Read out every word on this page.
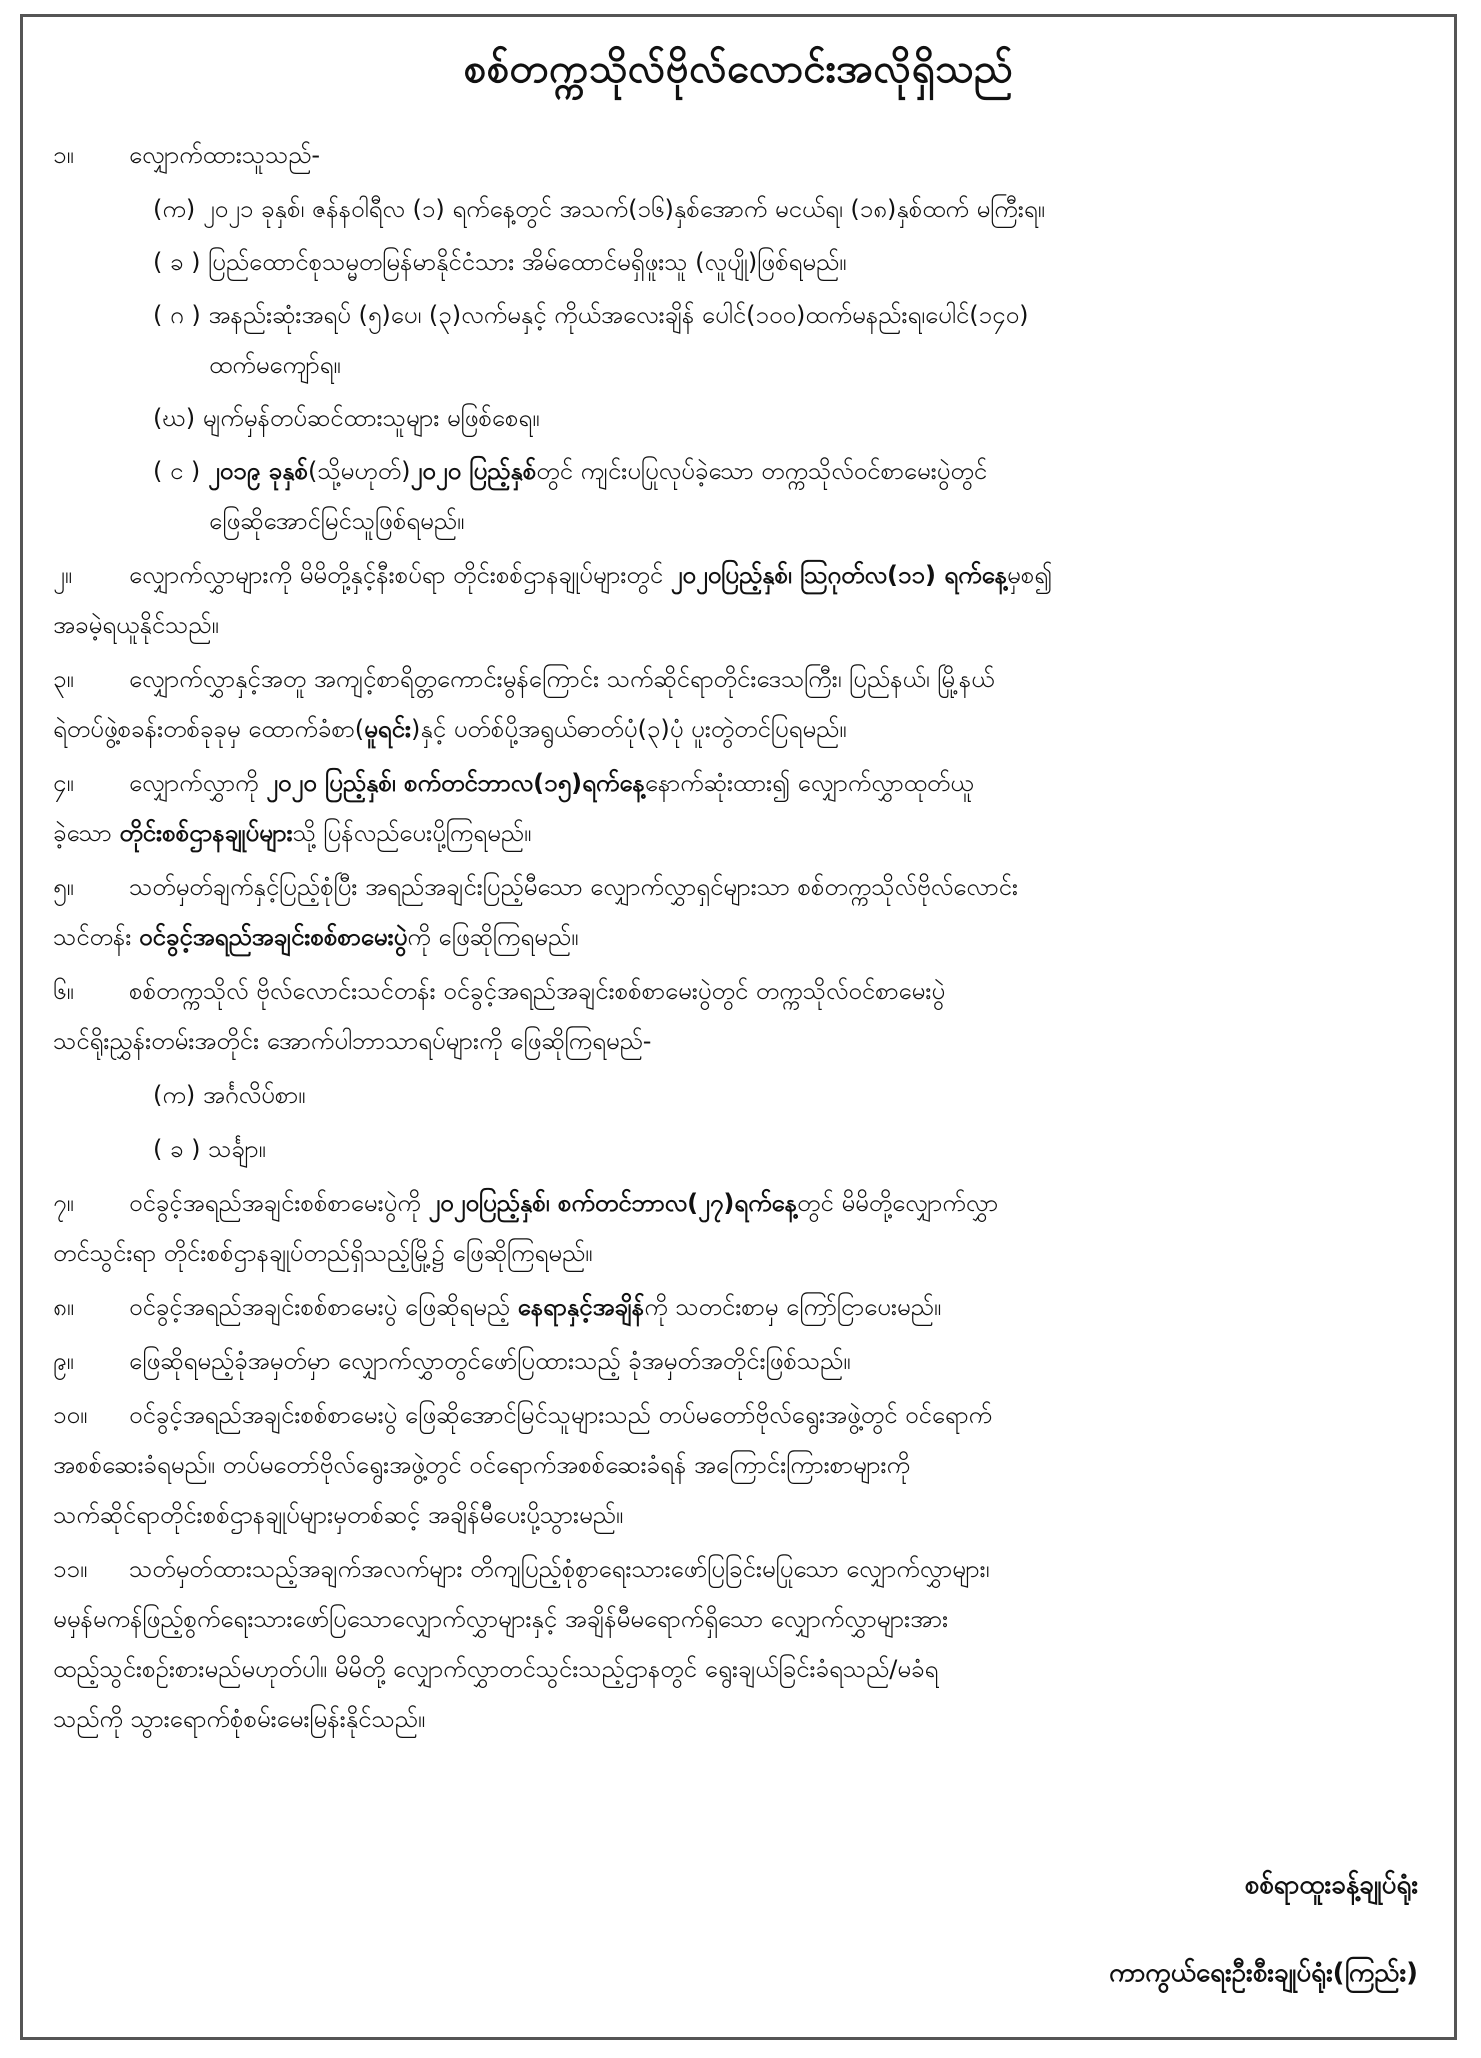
စစ်တက္ကသိုလ်ဗိုလ်လောင်းအလိုရှိသည်
၁။	လျှောက်ထားသူသည်-
(က) ၂၀၂၁ ခုနှစ်၊ ဇန်နဝါရီလ (၁) ရက်နေ့တွင် အသက်(၁၆)နှစ်အောက် မငယ်ရ၊ (၁၈)နှစ်ထက် မကြီးရ။
( ခ ) ပြည်ထောင်စုသမ္မတမြန်မာနိုင်ငံသား အိမ်ထောင်မရှိဖူးသူ (လူပျို)ဖြစ်ရမည်။
( ဂ ) အနည်းဆုံးအရပ် (၅)ပေ၊ (၃)လက်မနှင့် ကိုယ်အလေးချိန် ပေါင်(၁၀၀)ထက်မနည်းရ၊ပေါင်(၁၄၀)
ထက်မကျော်ရ။
(ဃ) မျက်မှန်တပ်ဆင်ထားသူများ မဖြစ်စေရ။
( င ) ၂၀၁၉ ခုနှစ်(သို့မဟုတ်)၂၀၂၀ ပြည့်နှစ်တွင် ကျင်းပပြုလုပ်ခဲ့သော တက္ကသိုလ်ဝင်စာမေးပွဲတွင်
ဖြေဆိုအောင်မြင်သူဖြစ်ရမည်။
၂။	လျှောက်လွှာများကို မိမိတို့နှင့်နီးစပ်ရာ တိုင်းစစ်ဌာနချုပ်များတွင် ၂၀၂၀ပြည့်နှစ်၊ ဩဂုတ်လ(၁၁) ရက်နေ့မှစ၍
အခမဲ့ရယူနိုင်သည်။
၃။	လျှောက်လွှာနှင့်အတူ အကျင့်စာရိတ္တကောင်းမွန်ကြောင်း သက်ဆိုင်ရာတိုင်းဒေသကြီး၊ ပြည်နယ်၊ မြို့နယ်
ရဲတပ်ဖွဲ့စခန်းတစ်ခုခုမှ ထောက်ခံစာ(မူရင်း)နှင့် ပတ်စ်ပို့အရွယ်ဓာတ်ပုံ(၃)ပုံ ပူးတွဲတင်ပြရမည်။
၄။	လျှောက်လွှာကို ၂၀၂၀ ပြည့်နှစ်၊ စက်တင်ဘာလ(၁၅)ရက်နေ့နောက်ဆုံးထား၍ လျှောက်လွှာထုတ်ယူ
ခဲ့သော တိုင်းစစ်ဌာနချုပ်များသို့ ပြန်လည်ပေးပို့ကြရမည်။
၅။	သတ်မှတ်ချက်နှင့်ပြည့်စုံပြီး အရည်အချင်းပြည့်မီသော လျှောက်လွှာရှင်များသာ စစ်တက္ကသိုလ်ဗိုလ်လောင်း
သင်တန်း ဝင်ခွင့်အရည်အချင်းစစ်စာမေးပွဲကို ဖြေဆိုကြရမည်။
၆။	စစ်တက္ကသိုလ် ဗိုလ်လောင်းသင်တန်း ဝင်ခွင့်အရည်အချင်းစစ်စာမေးပွဲတွင် တက္ကသိုလ်ဝင်စာမေးပွဲ
သင်ရိုးညွှန်းတမ်းအတိုင်း အောက်ပါဘာသာရပ်များကို ဖြေဆိုကြရမည်-
(က) အင်္ဂလိပ်စာ။
( ခ ) သင်္ချာ။
၇။	ဝင်ခွင့်အရည်အချင်းစစ်စာမေးပွဲကို ၂၀၂၀ပြည့်နှစ်၊ စက်တင်ဘာလ(၂၇)ရက်နေ့တွင် မိမိတို့လျှောက်လွှာ
တင်သွင်းရာ တိုင်းစစ်ဌာနချုပ်တည်ရှိသည့်မြို့၌ ဖြေဆိုကြရမည်။
၈။	ဝင်ခွင့်အရည်အချင်းစစ်စာမေးပွဲ ဖြေဆိုရမည့် နေရာနှင့်အချိန်ကို သတင်းစာမှ ကြော်ငြာပေးမည်။
၉။	ဖြေဆိုရမည့်ခုံအမှတ်မှာ လျှောက်လွှာတွင်ဖော်ပြထားသည့် ခုံအမှတ်အတိုင်းဖြစ်သည်။
၁၀။	ဝင်ခွင့်အရည်အချင်းစစ်စာမေးပွဲ ဖြေဆိုအောင်မြင်သူများသည် တပ်မတော်ဗိုလ်ရွေးအဖွဲ့တွင် ဝင်ရောက်
အစစ်ဆေးခံရမည်။ တပ်မတော်ဗိုလ်ရွေးအဖွဲ့တွင် ဝင်ရောက်အစစ်ဆေးခံရန် အကြောင်းကြားစာများကို
သက်ဆိုင်ရာတိုင်းစစ်ဌာနချုပ်များမှတစ်ဆင့် အချိန်မီပေးပို့သွားမည်။
၁၁။	သတ်မှတ်ထားသည့်အချက်အလက်များ တိကျပြည့်စုံစွာရေးသားဖော်ပြခြင်းမပြုသော လျှောက်လွှာများ၊
မမှန်မကန်ဖြည့်စွက်ရေးသားဖော်ပြသောလျှောက်လွှာများနှင့် အချိန်မီမရောက်ရှိသော လျှောက်လွှာများအား
ထည့်သွင်းစဉ်းစားမည်မဟုတ်ပါ။ မိမိတို့ လျှောက်လွှာတင်သွင်းသည့်ဌာနတွင် ရွေးချယ်ခြင်းခံရသည်/မခံရ
သည်ကို သွားရောက်စုံစမ်းမေးမြန်းနိုင်သည်။
စစ်ရာထူးခန့်ချုပ်ရုံး
ကာကွယ်ရေးဦးစီးချုပ်ရုံး(ကြည်း)
